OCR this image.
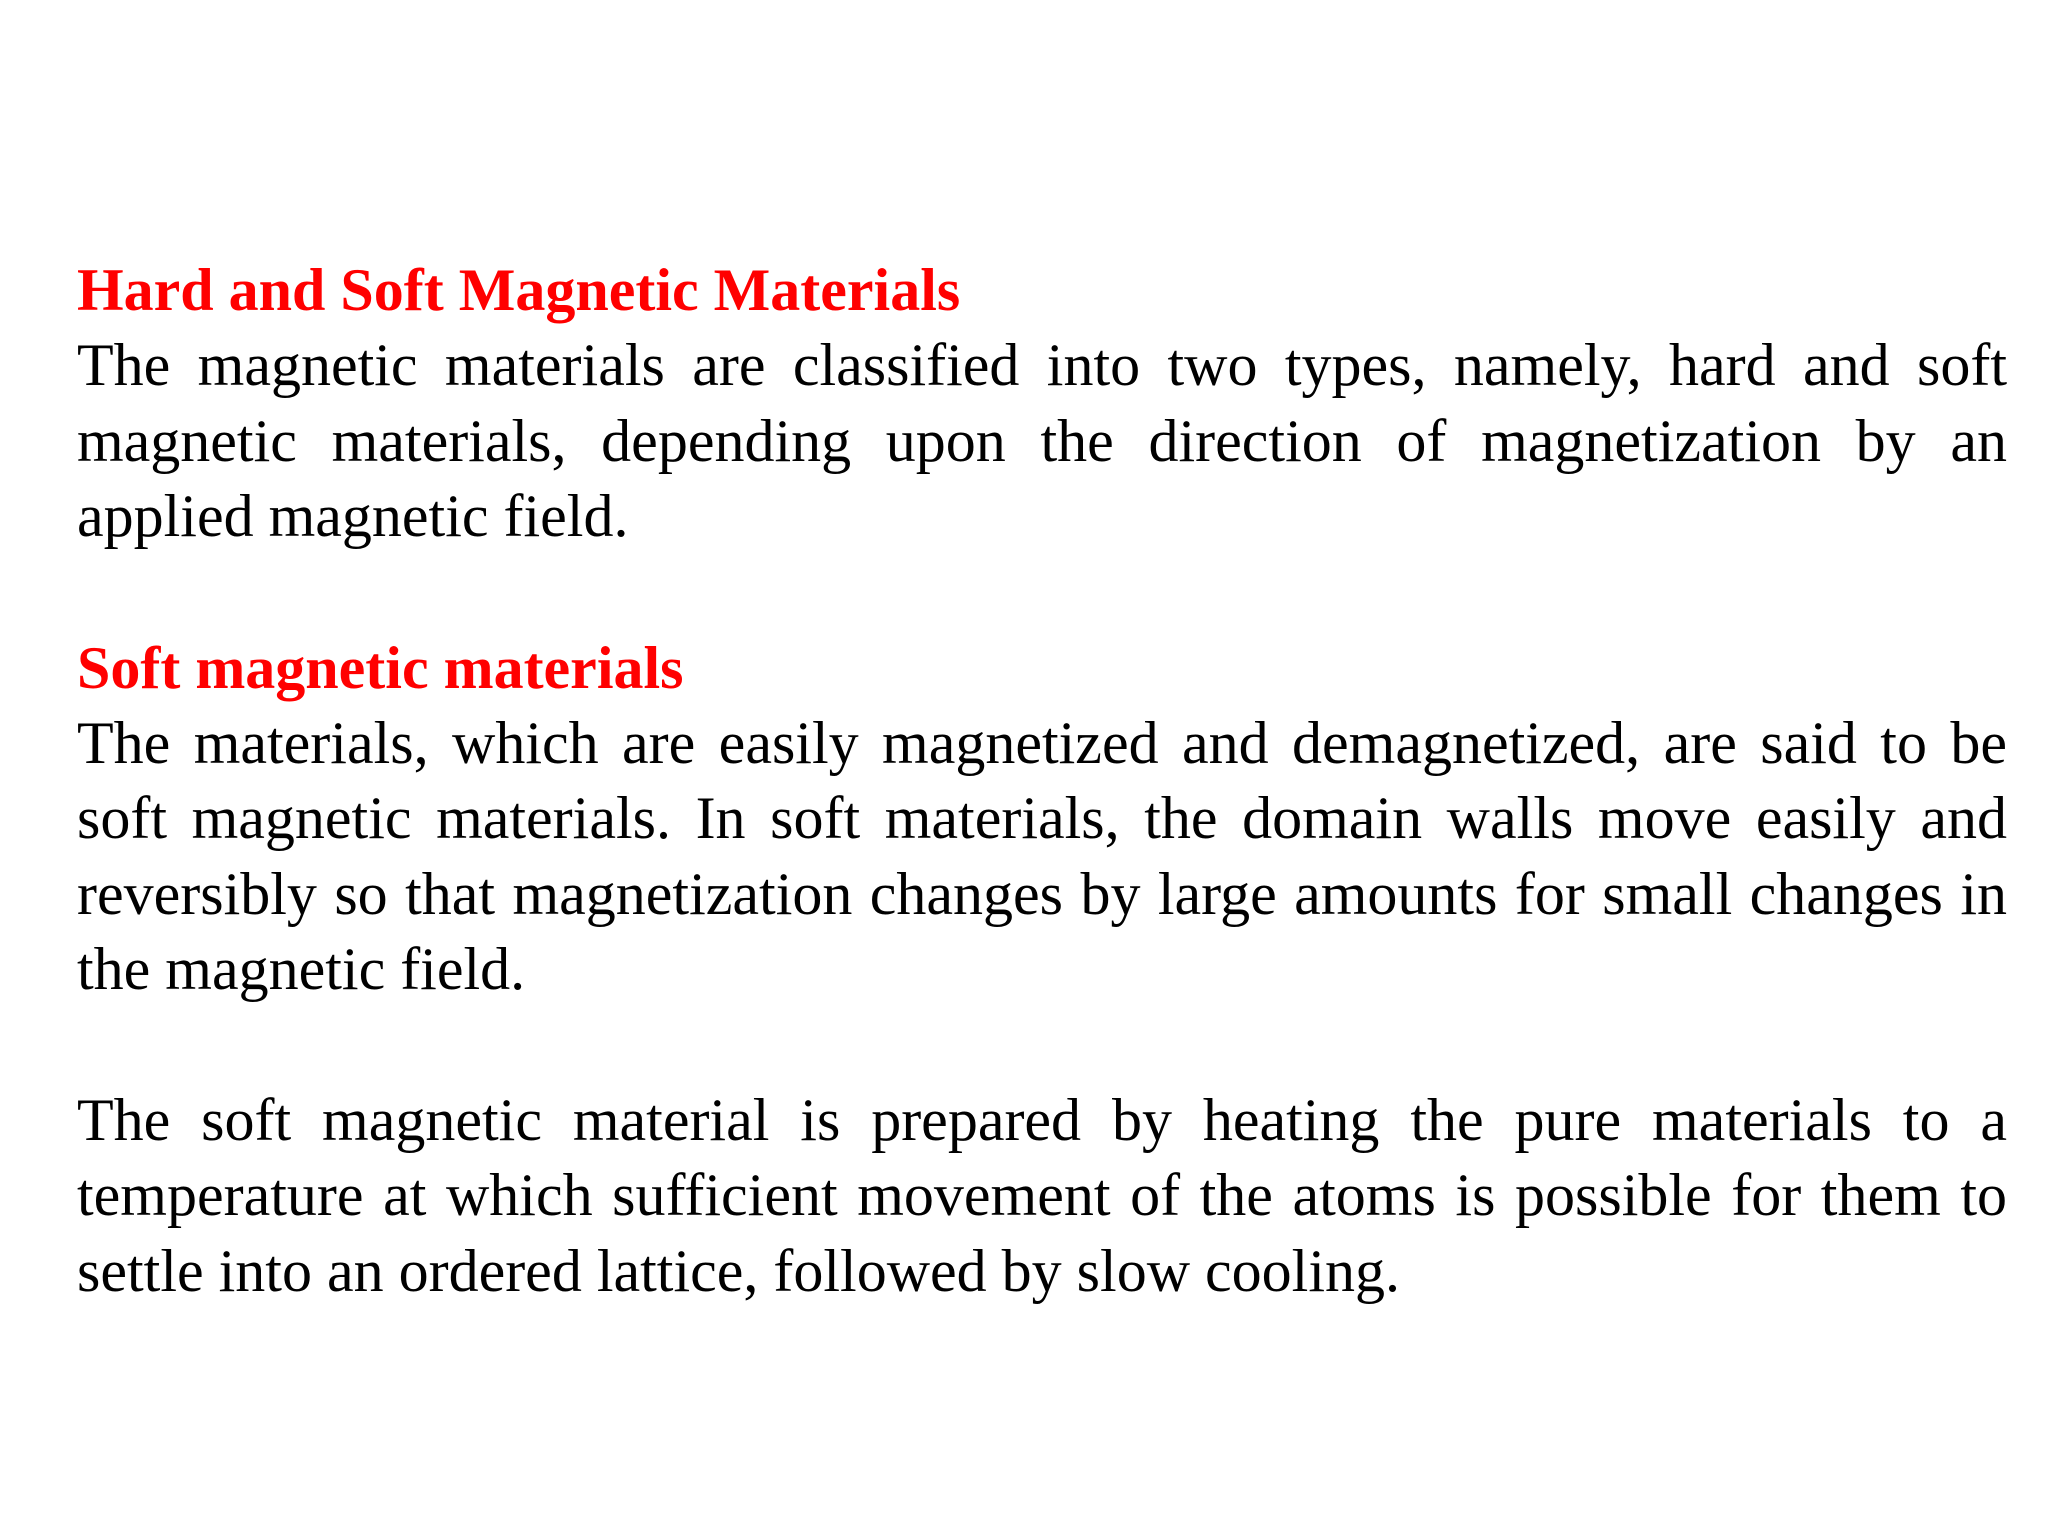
Hard and Soft Magnetic Materials

The magnetic materials are classified into two types, namely, hard and soft magnetic materials, depending upon the direction of magnetization by an applied magnetic field.

Soft magnetic materials

The materials, which are easily magnetized and demagnetized, are said to be soft magnetic materials. In soft materials, the domain walls move easily and reversibly so that magnetization changes by large amounts for small changes in the magnetic field.

The soft magnetic material is prepared by heating the pure materials to a temperature at which sufficient movement of the atoms is possible for them to settle into an ordered lattice, followed by slow cooling.
